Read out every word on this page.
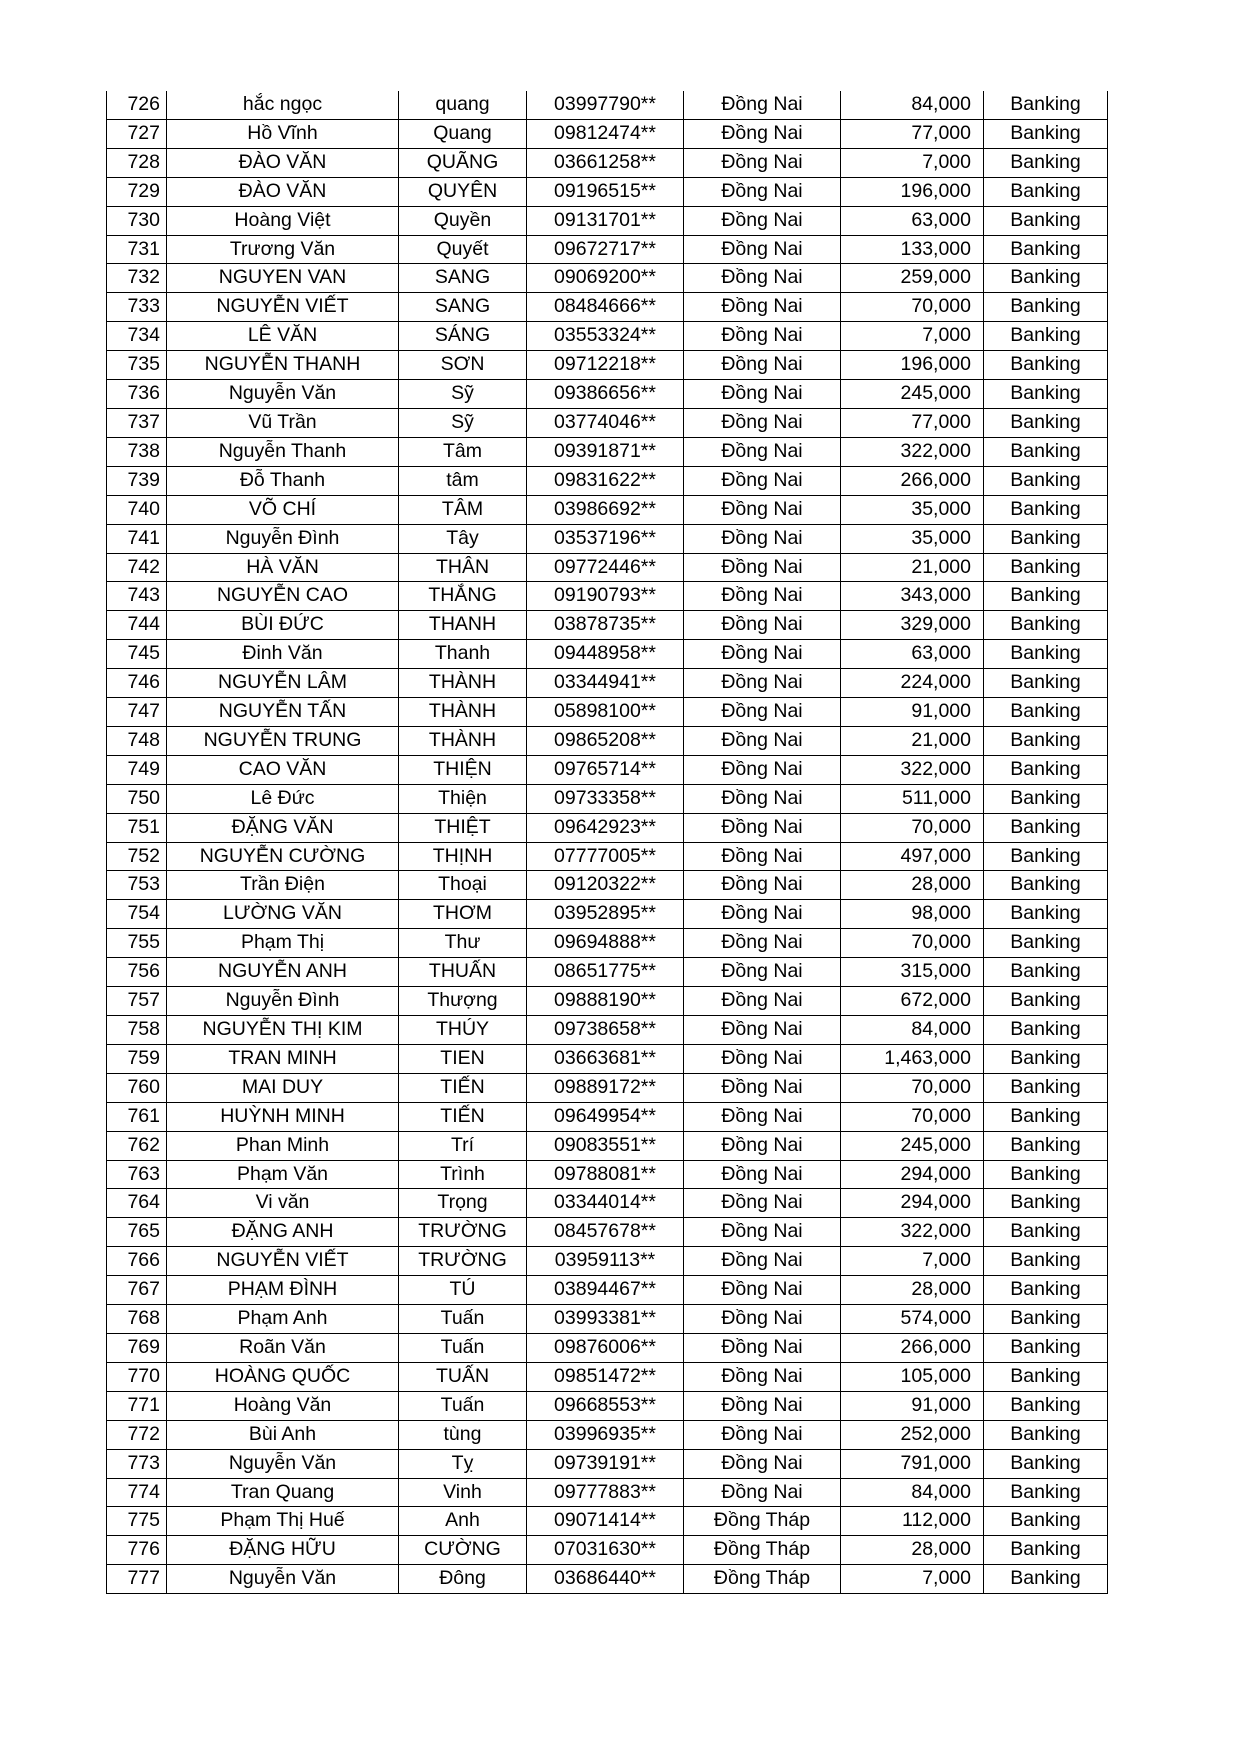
726	hắc ngọc	quang	03997790**	Đồng Nai	84,000	Banking
727	Hồ Vĩnh	Quang	09812474**	Đồng Nai	77,000	Banking
728	ĐÀO VĂN	QUÃNG	03661258**	Đồng Nai	7,000	Banking
729	ĐÀO VĂN	QUYÊN	09196515**	Đồng Nai	196,000	Banking
730	Hoàng Việt	Quyền	09131701**	Đồng Nai	63,000	Banking
731	Trương Văn	Quyết	09672717**	Đồng Nai	133,000	Banking
732	NGUYEN VAN	SANG	09069200**	Đồng Nai	259,000	Banking
733	NGUYỄN VIẾT	SANG	08484666**	Đồng Nai	70,000	Banking
734	LÊ VĂN	SÁNG	03553324**	Đồng Nai	7,000	Banking
735	NGUYỄN THANH	SƠN	09712218**	Đồng Nai	196,000	Banking
736	Nguyễn Văn	Sỹ	09386656**	Đồng Nai	245,000	Banking
737	Vũ Trần	Sỹ	03774046**	Đồng Nai	77,000	Banking
738	Nguyễn Thanh	Tâm	09391871**	Đồng Nai	322,000	Banking
739	Đỗ Thanh	tâm	09831622**	Đồng Nai	266,000	Banking
740	VÕ CHÍ	TÂM	03986692**	Đồng Nai	35,000	Banking
741	Nguyễn Đình	Tây	03537196**	Đồng Nai	35,000	Banking
742	HÀ VĂN	THÂN	09772446**	Đồng Nai	21,000	Banking
743	NGUYỄN CAO	THẮNG	09190793**	Đồng Nai	343,000	Banking
744	BÙI ĐỨC	THANH	03878735**	Đồng Nai	329,000	Banking
745	Đinh Văn	Thanh	09448958**	Đồng Nai	63,000	Banking
746	NGUYỄN LÂM	THÀNH	03344941**	Đồng Nai	224,000	Banking
747	NGUYỄN TẤN	THÀNH	05898100**	Đồng Nai	91,000	Banking
748	NGUYỄN TRUNG	THÀNH	09865208**	Đồng Nai	21,000	Banking
749	CAO VĂN	THIỆN	09765714**	Đồng Nai	322,000	Banking
750	Lê Đức	Thiện	09733358**	Đồng Nai	511,000	Banking
751	ĐẶNG VĂN	THIỆT	09642923**	Đồng Nai	70,000	Banking
752	NGUYỄN CƯỜNG	THỊNH	07777005**	Đồng Nai	497,000	Banking
753	Trần Điện	Thoại	09120322**	Đồng Nai	28,000	Banking
754	LƯỜNG VĂN	THƠM	03952895**	Đồng Nai	98,000	Banking
755	Phạm Thị	Thư	09694888**	Đồng Nai	70,000	Banking
756	NGUYỄN ANH	THUẤN	08651775**	Đồng Nai	315,000	Banking
757	Nguyễn Đình	Thượng	09888190**	Đồng Nai	672,000	Banking
758	NGUYỄN THỊ KIM	THÚY	09738658**	Đồng Nai	84,000	Banking
759	TRAN MINH	TIEN	03663681**	Đồng Nai	1,463,000	Banking
760	MAI DUY	TIẾN	09889172**	Đồng Nai	70,000	Banking
761	HUỲNH MINH	TIẾN	09649954**	Đồng Nai	70,000	Banking
762	Phan Minh	Trí	09083551**	Đồng Nai	245,000	Banking
763	Phạm Văn	Trình	09788081**	Đồng Nai	294,000	Banking
764	Vi văn	Trọng	03344014**	Đồng Nai	294,000	Banking
765	ĐẶNG ANH	TRƯỜNG	08457678**	Đồng Nai	322,000	Banking
766	NGUYỄN VIẾT	TRƯỜNG	03959113**	Đồng Nai	7,000	Banking
767	PHẠM ĐÌNH	TÚ	03894467**	Đồng Nai	28,000	Banking
768	Phạm Anh	Tuấn	03993381**	Đồng Nai	574,000	Banking
769	Roãn Văn	Tuấn	09876006**	Đồng Nai	266,000	Banking
770	HOÀNG QUỐC	TUẤN	09851472**	Đồng Nai	105,000	Banking
771	Hoàng Văn	Tuấn	09668553**	Đồng Nai	91,000	Banking
772	Bùi Anh	tùng	03996935**	Đồng Nai	252,000	Banking
773	Nguyễn Văn	Tỵ	09739191**	Đồng Nai	791,000	Banking
774	Tran Quang	Vinh	09777883**	Đồng Nai	84,000	Banking
775	Phạm Thị Huế	Anh	09071414**	Đồng Tháp	112,000	Banking
776	ĐẶNG HỮU	CƯỜNG	07031630**	Đồng Tháp	28,000	Banking
777	Nguyễn Văn	Đông	03686440**	Đồng Tháp	7,000	Banking
